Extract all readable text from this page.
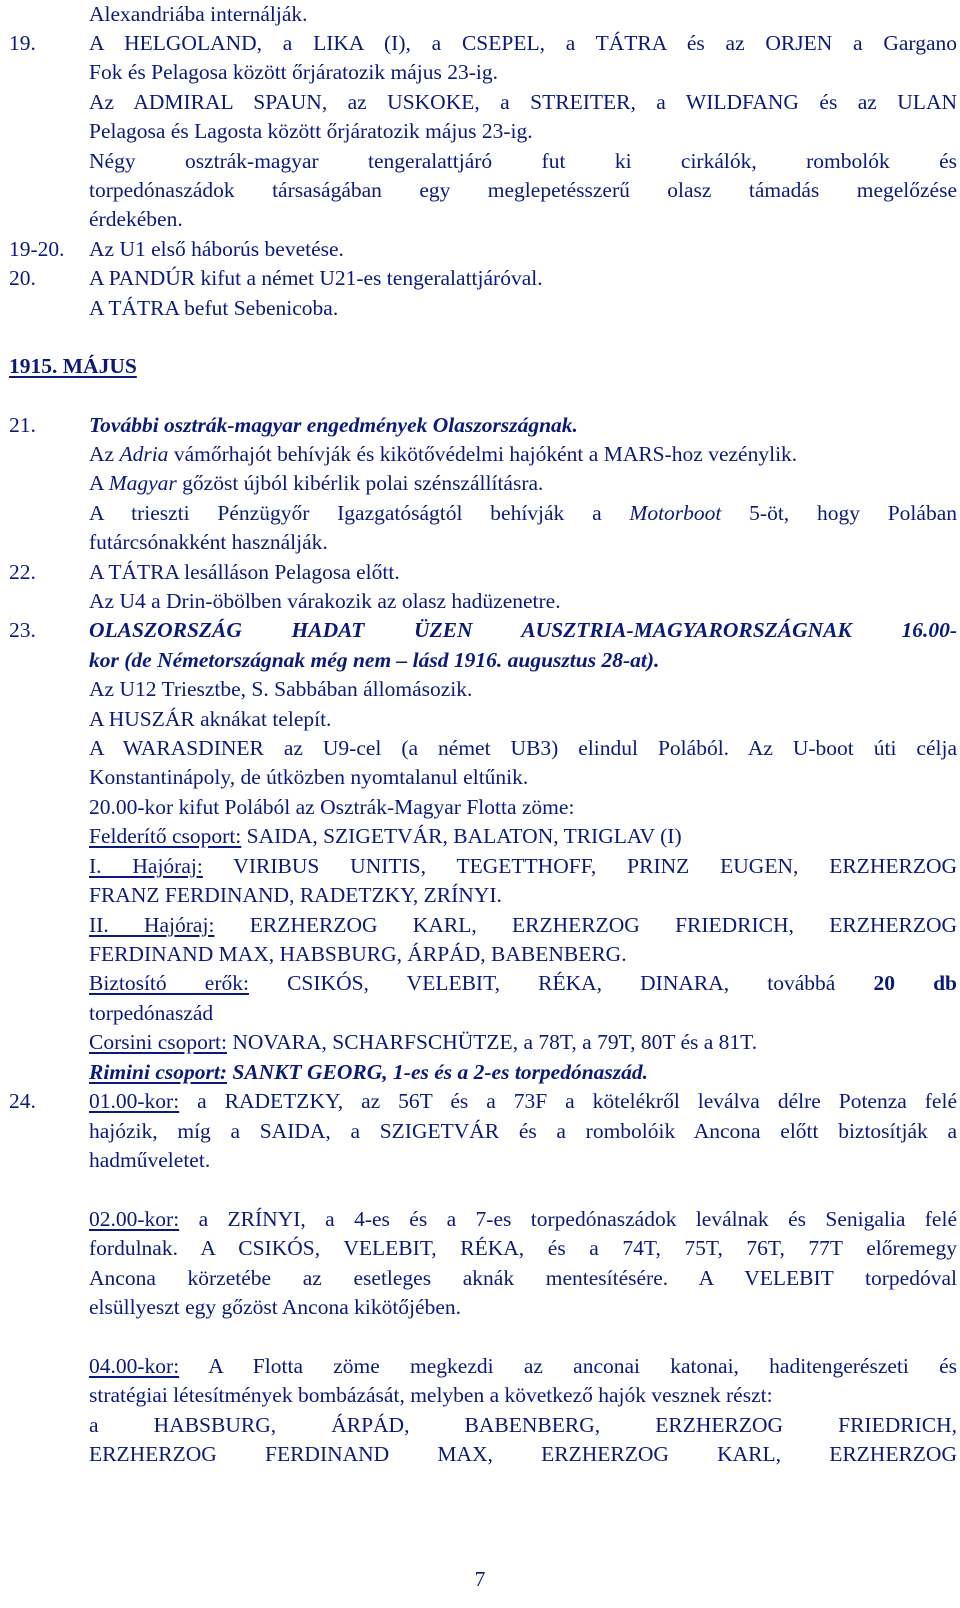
Alexandriába internálják.
19. A HELGOLAND, a LIKA (I), a CSEPEL, a TÁTRA és az ORJEN a Gargano
Fok és Pelagosa között őrjáratozik május 23-ig.
Az ADMIRAL SPAUN, az USKOKE, a STREITER, a WILDFANG és az ULAN
Pelagosa és Lagosta között őrjáratozik május 23-ig.
Négy osztrák-magyar tengeralattjáró fut ki cirkálók, rombolók és
torpedónaszádok társaságában egy meglepetésszerű olasz támadás megelőzése
érdekében.
19-20. Az U1 első háborús bevetése.
20. A PANDÚR kifut a német U21-es tengeralattjáróval.
A TÁTRA befut Sebenicoba.
1915. MÁJUS
21. További osztrák-magyar engedmények Olaszországnak.
Az Adria vámőrhajót behívják és kikötővédelmi hajóként a MARS-hoz vezénylik.
A Magyar gőzöst újból kibérlik polai szénszállításra.
A trieszti Pénzügyőr Igazgatóságtól behívják a Motorboot 5-öt, hogy Polában
futárcsónakként használják.
22. A TÁTRA lesálláson Pelagosa előtt.
Az U4 a Drin-öbölben várakozik az olasz hadüzenetre.
23. OLASZORSZÁG HADAT ÜZEN AUSZTRIA-MAGYARORSZÁGNAK 16.00-
kor (de Németországnak még nem – lásd 1916. augusztus 28-at).
Az U12 Triesztbe, S. Sabbában állomásozik.
A HUSZÁR aknákat telepít.
A WARASDINER az U9-cel (a német UB3) elindul Polából. Az U-boot úti célja
Konstantinápoly, de útközben nyomtalanul eltűnik.
20.00-kor kifut Polából az Osztrák-Magyar Flotta zöme:
Felderítő csoport: SAIDA, SZIGETVÁR, BALATON, TRIGLAV (I)
I. Hajóraj: VIRIBUS UNITIS, TEGETTHOFF, PRINZ EUGEN, ERZHERZOG
FRANZ FERDINAND, RADETZKY, ZRÍNYI.
II. Hajóraj: ERZHERZOG KARL, ERZHERZOG FRIEDRICH, ERZHERZOG
FERDINAND MAX, HABSBURG, ÁRPÁD, BABENBERG.
Biztosító erők: CSIKÓS, VELEBIT, RÉKA, DINARA, továbbá 20 db
torpedónaszád
Corsini csoport: NOVARA, SCHARFSCHÜTZE, a 78T, a 79T, 80T és a 81T.
Rimini csoport: SANKT GEORG, 1-es és a 2-es torpedónaszád.
24. 01.00-kor: a RADETZKY, az 56T és a 73F a kötelékről leválva délre Potenza felé
hajózik, míg a SAIDA, a SZIGETVÁR és a rombolóik Ancona előtt biztosítják a
hadműveletet.
02.00-kor: a ZRÍNYI, a 4-es és a 7-es torpedónaszádok leválnak és Senigalia felé
fordulnak. A CSIKÓS, VELEBIT, RÉKA, és a 74T, 75T, 76T, 77T előremegy
Ancona körzetébe az esetleges aknák mentesítésére. A VELEBIT torpedóval
elsüllyeszt egy gőzöst Ancona kikötőjében.
04.00-kor: A Flotta zöme megkezdi az anconai katonai, haditengerészeti és
stratégiai létesítmények bombázását, melyben a következő hajók vesznek részt:
a HABSBURG, ÁRPÁD, BABENBERG, ERZHERZOG FRIEDRICH,
ERZHERZOG FERDINAND MAX, ERZHERZOG KARL, ERZHERZOG
7
